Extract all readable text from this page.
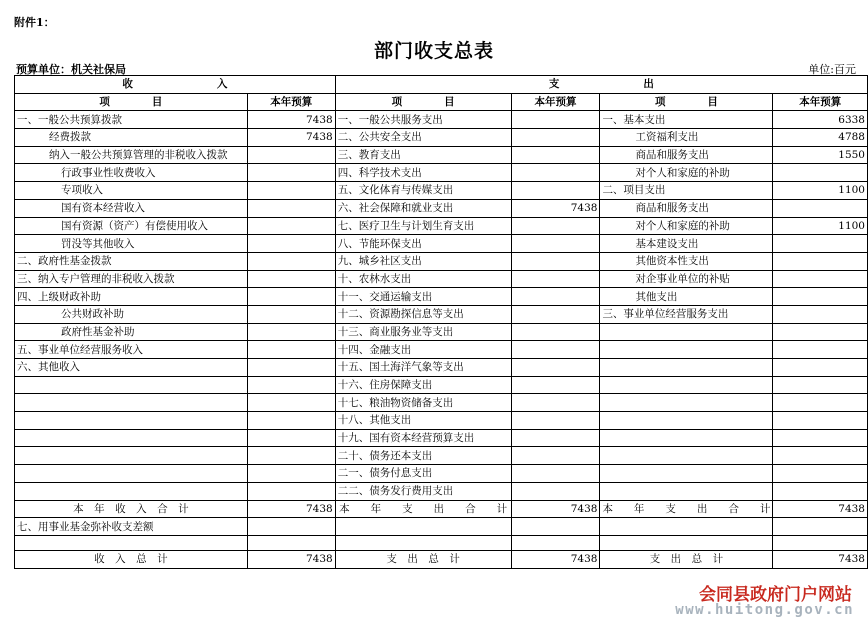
附件1：
部门收支总表
预算单位：机关社保局	单位:百元
收　　　　　　　　入		支　　　　　　　　出			
项　　　　目	本年预算	项　　　　目	本年预算	项　　　　目	本年预算
一、一般公共预算拨款	7438	一、一般公共服务支出		一、基本支出	6338
经费拨款	7438	二、公共安全支出		工资福利支出	4788
纳入一般公共预算管理的非税收入拨款		三、教育支出		商品和服务支出	1550
行政事业性收费收入		四、科学技术支出		对个人和家庭的补助	
专项收入		五、文化体育与传媒支出		二、项目支出	1100
国有资本经营收入		六、社会保障和就业支出	7438	商品和服务支出	
国有资源（资产）有偿使用收入		七、医疗卫生与计划生育支出		对个人和家庭的补助	1100
罚没等其他收入		八、节能环保支出		基本建设支出	
二、政府性基金拨款		九、城乡社区支出		其他资本性支出	
三、纳入专户管理的非税收入拨款		十、农林水支出		对企事业单位的补贴	
四、上级财政补助		十一、交通运输支出		其他支出	
公共财政补助		十二、资源勘探信息等支出		三、事业单位经营服务支出	
政府性基金补助		十三、商业服务业等支出			
五、事业单位经营服务收入		十四、金融支出			
六、其他收入		十五、国土海洋气象等支出			
		十六、住房保障支出			
		十七、粮油物资储备支出			
		十八、其他支出			
		十九、国有资本经营预算支出			
		二十、债务还本支出			
		二一、债务付息支出			
		二二、债务发行费用支出			
本　年　收　入　合　计	7438	本　　年　　支　　出　　合　　计	7438	本　　年　　支　　出　　合　　计	7438
七、用事业基金弥补收支差额					

收　入　总　计	7438	支　出　总　计	7438	支　出　总　计	7438
会同县政府门户网站
www.huitong.gov.cn
